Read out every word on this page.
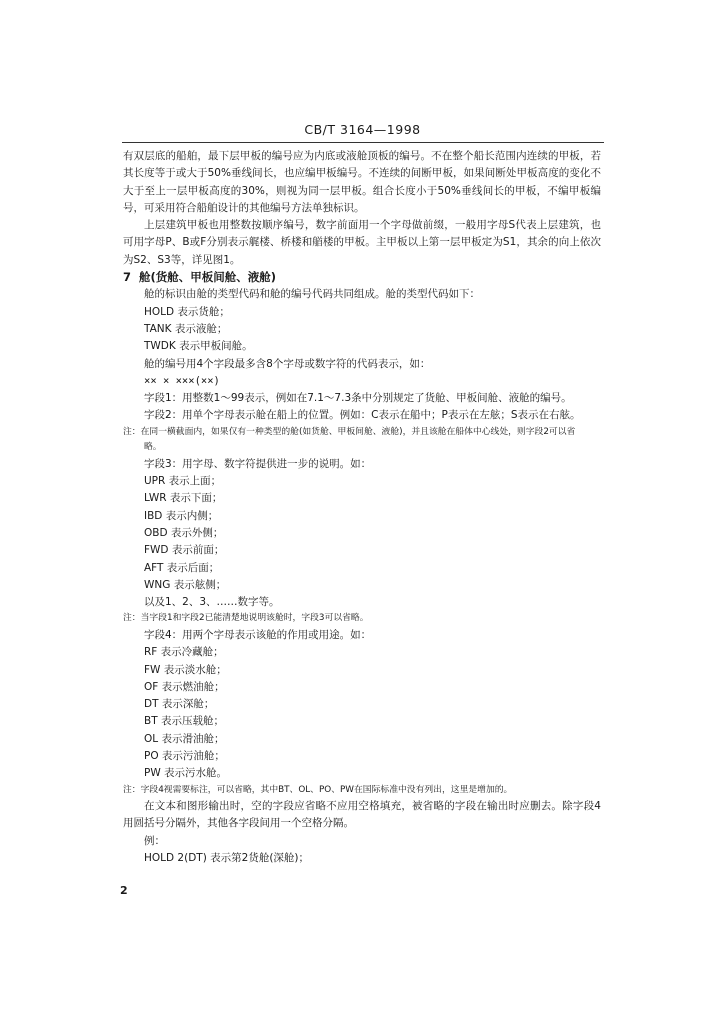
CB/T 3164—1998

有双层底的船舶，最下层甲板的编号应为内底或液舱顶板的编号。不在整个船长范围内连续的甲板，若其长度等于或大于50%垂线间长，也应编甲板编号。不连续的间断甲板，如果间断处甲板高度的变化不大于至上一层甲板高度的30%，则视为同一层甲板。组合长度小于50%垂线间长的甲板，不编甲板编号，可采用符合船舶设计的其他编号方法单独标识。

上层建筑甲板也用整数按顺序编号，数字前面用一个字母做前缀，一般用字母S代表上层建筑，也可用字母P、B或F分别表示艉楼、桥楼和艏楼的甲板。主甲板以上第一层甲板定为S1，其余的向上依次为S2、S3等，详见图1。

7 舱(货舱、甲板间舱、液舱)

舱的标识由舱的类型代码和舱的编号代码共同组成。舱的类型代码如下：

HOLD 表示货舱；

TANK 表示液舱；

TWDK 表示甲板间舱。

舱的编号用4个字段最多含8个字母或数字符的代码表示，如：

×× × ×××(××)

字段1：用整数1～99表示，例如在7.1～7.3条中分别规定了货舱、甲板间舱、液舱的编号。

字段2：用单个字母表示舱在船上的位置。例如：C表示在船中；P表示在左舷；S表示在右舷。

注：在同一横截面内，如果仅有一种类型的舱(如货舱、甲板间舱、液舱)，并且该舱在船体中心线处，则字段2可以省

略。

字段3：用字母、数字符提供进一步的说明。如：

UPR 表示上面；

LWR 表示下面；

IBD 表示内侧；

OBD 表示外侧；

FWD 表示前面；

AFT 表示后面；

WNG 表示舷侧；

以及1、2、3、……数字等。

注：当字段1和字段2已能清楚地说明该舱时，字段3可以省略。

字段4：用两个字母表示该舱的作用或用途。如：

RF 表示冷藏舱；

FW 表示淡水舱；

OF 表示燃油舱；

DT 表示深舱；

BT 表示压载舱；

OL 表示滑油舱；

PO 表示污油舱；

PW 表示污水舱。

注：字段4视需要标注，可以省略，其中BT、OL、PO、PW在国际标准中没有列出，这里是增加的。

在文本和图形输出时，空的字段应省略不应用空格填充，被省略的字段在输出时应删去。除字段4用圆括号分隔外，其他各字段间用一个空格分隔。

例：

HOLD 2(DT) 表示第2货舱(深舱)；

2
